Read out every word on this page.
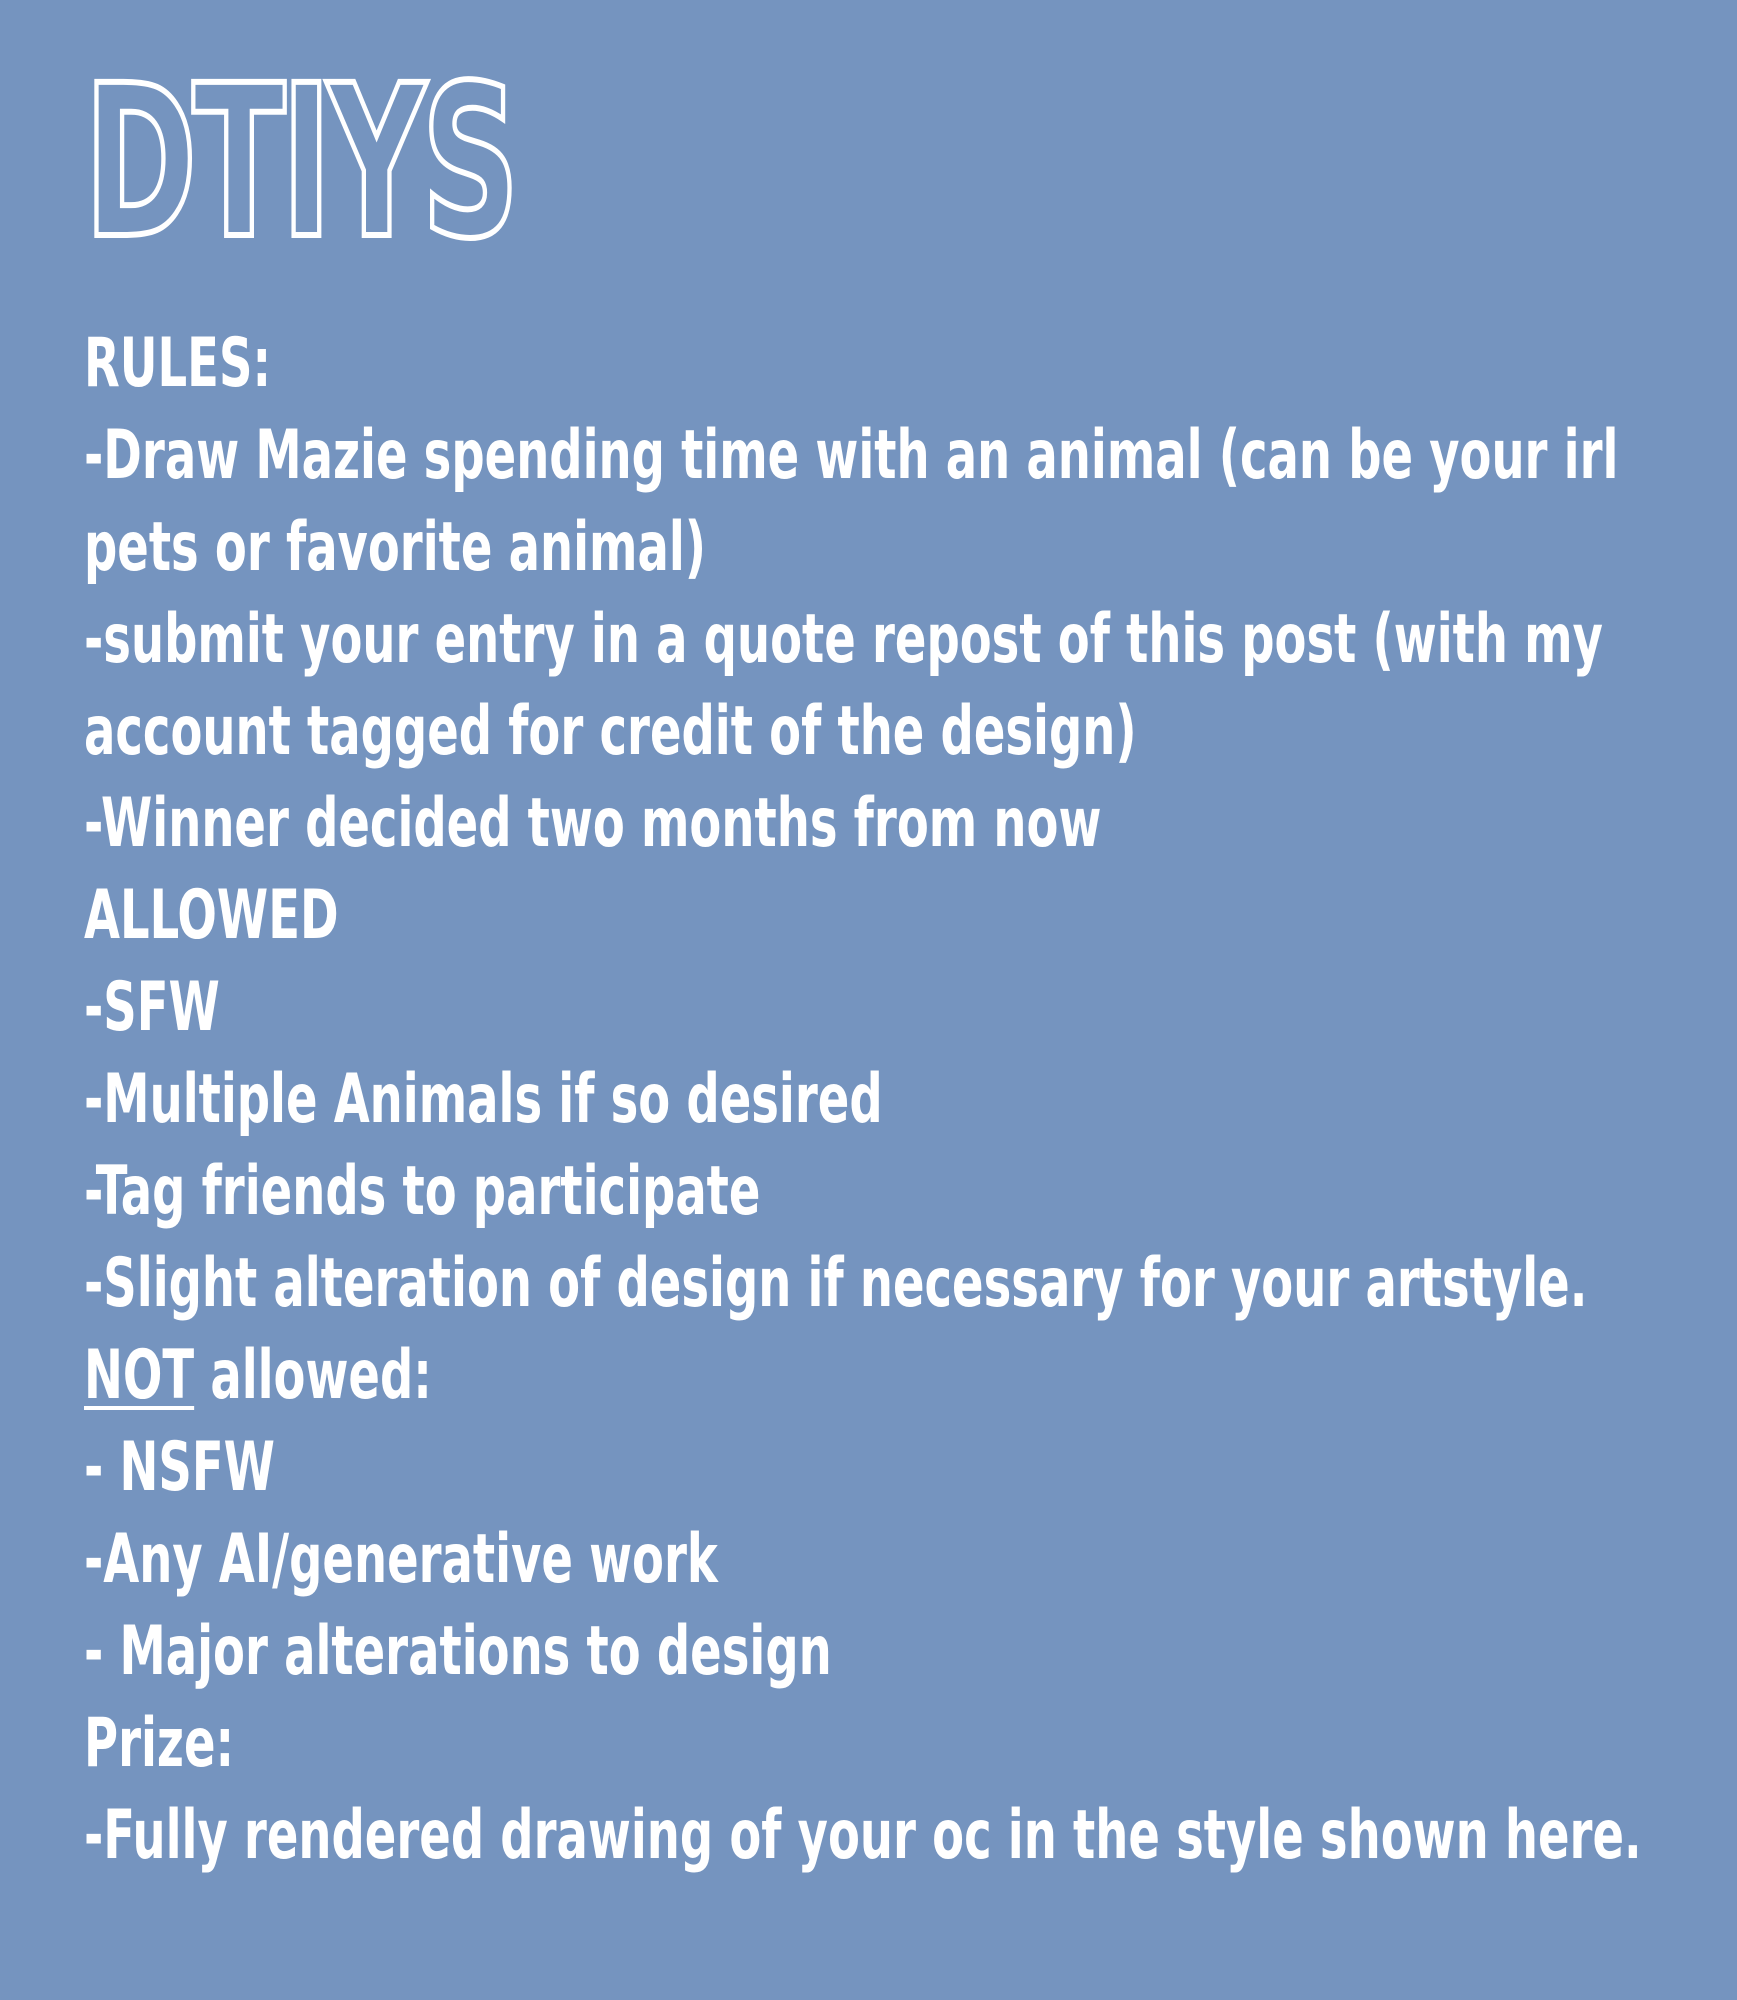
DTIYS
RULES:
-Draw Mazie spending time with an animal (can be your irl pets or favorite animal)
-submit your entry in a quote repost of this post (with my account tagged for credit of the design)
-Winner decided two months from now
ALLOWED
-SFW
-Multiple Animals if so desired
-Tag friends to participate
-Slight alteration of design if necessary for your artstyle.
NOT allowed:
- NSFW
-Any AI/generative work
- Major alterations to design
Prize:
-Fully rendered drawing of your oc in the style shown here.
